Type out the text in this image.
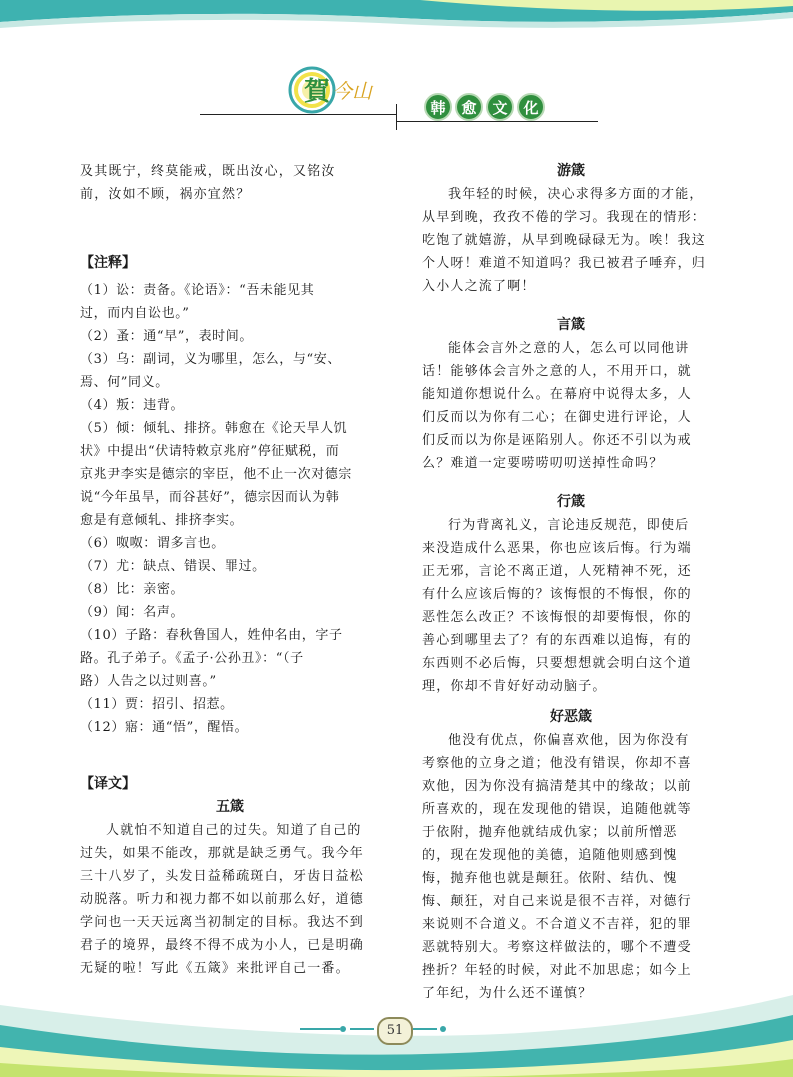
賀 今山
韩	愈	文	化

及其既宁，终莫能戒，既出汝心，又铭汝

前，汝如不顾，祸亦宜然？

【注释】

（1）讼：责备。《论语》：“吾未能见其

过，而内自讼也。”

（2）蚤：通“早”，表时间。

（3）乌：副词，义为哪里，怎么，与“安、

焉、何”同义。

（4）叛：违背。

（5）倾：倾轧、排挤。韩愈在《论天旱人饥

状》中提出“伏请特敕京兆府”停征赋税，而

京兆尹李实是德宗的宰臣，他不止一次对德宗

说“今年虽旱，而谷甚好”，德宗因而认为韩

愈是有意倾轧、排挤李实。

（6）呶呶：谓多言也。

（7）尤：缺点、错误、罪过。

（8）比：亲密。

（9）闻：名声。

（10）子路：春秋鲁国人，姓仲名由，字子

路。孔子弟子。《孟子·公孙丑》：“（子

路）人告之以过则喜。”

（11）贾：招引、招惹。

（12）寤：通“悟”，醒悟。

【译文】

五箴

人就怕不知道自己的过失。知道了自己的

过失，如果不能改，那就是缺乏勇气。我今年

三十八岁了，头发日益稀疏斑白，牙齿日益松

动脱落。听力和视力都不如以前那么好，道德

学问也一天天远离当初制定的目标。我达不到

君子的境界，最终不得不成为小人，已是明确

无疑的啦！写此《五箴》来批评自己一番。

游箴

我年轻的时候，决心求得多方面的才能，

从早到晚，孜孜不倦的学习。我现在的情形：

吃饱了就嬉游，从早到晚碌碌无为。唉！我这

个人呀！难道不知道吗？我已被君子唾弃，归

入小人之流了啊！

言箴

能体会言外之意的人，怎么可以同他讲

话！能够体会言外之意的人，不用开口，就

能知道你想说什么。在幕府中说得太多，人

们反而以为你有二心；在御史进行评论，人

们反而以为你是诬陷别人。你还不引以为戒

么？难道一定要唠唠叨叨送掉性命吗？

行箴

行为背离礼义，言论违反规范，即使后

来没造成什么恶果，你也应该后悔。行为端

正无邪，言论不离正道，人死精神不死，还

有什么应该后悔的？该悔恨的不悔恨，你的

恶性怎么改正？不该悔恨的却要悔恨，你的

善心到哪里去了？有的东西难以追悔，有的

东西则不必后悔，只要想想就会明白这个道

理，你却不肯好好动动脑子。

好恶箴

他没有优点，你偏喜欢他，因为你没有

考察他的立身之道；他没有错误，你却不喜

欢他，因为你没有搞清楚其中的缘故；以前

所喜欢的，现在发现他的错误，追随他就等

于依附，抛弃他就结成仇家；以前所憎恶

的，现在发现他的美德，追随他则感到愧

悔，抛弃他也就是颠狂。依附、结仇、愧

悔、颠狂，对自己来说是很不吉祥，对德行

来说则不合道义。不合道义不吉祥，犯的罪

恶就特别大。考察这样做法的，哪个不遭受

挫折？年轻的时候，对此不加思虑；如今上

了年纪，为什么还不谨慎？

51
